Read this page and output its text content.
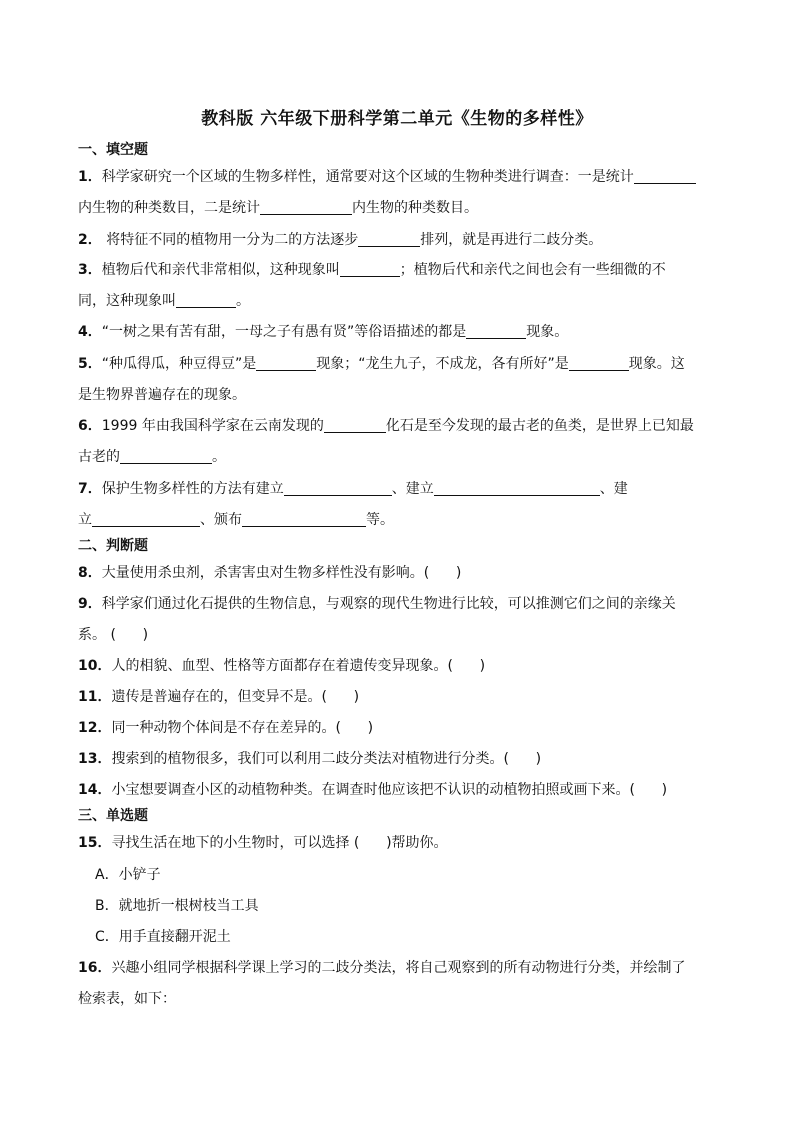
教科版 六年级下册科学第二单元《生物的多样性》
一、填空题
1．科学家研究一个区域的生物多样性，通常要对这个区域的生物种类进行调查：一是统计
内生物的种类数目，二是统计	内生物的种类数目。
2． 将特征不同的植物用一分为二的方法逐步	排列，就是再进行二歧分类。
3．植物后代和亲代非常相似，这种现象叫	；植物后代和亲代之间也会有一些细微的不
同，这种现象叫	。
4．“一树之果有苦有甜，一母之子有愚有贤”等俗语描述的都是	现象。
5．“种瓜得瓜，种豆得豆”是	现象；“龙生九子，不成龙，各有所好”是	现象。这
是生物界普遍存在的现象。
6．1999 年由我国科学家在云南发现的	化石是至今发现的最古老的鱼类，是世界上已知最
古老的	。
7．保护生物多样性的方法有建立	、建立	、建
立	、颁布	等。
二、判断题
8．大量使用杀虫剂，杀害害虫对生物多样性没有影响。(      )
9．科学家们通过化石提供的生物信息，与观察的现代生物进行比较，可以推测它们之间的亲缘关
系。 (      )
10．人的相貌、血型、性格等方面都存在着遗传变异现象。(      )
11．遗传是普遍存在的，但变异不是。(      )
12．同一种动物个体间是不存在差异的。(      )
13．搜索到的植物很多，我们可以利用二歧分类法对植物进行分类。(      )
14．小宝想要调查小区的动植物种类。在调查时他应该把不认识的动植物拍照或画下来。(      )
三、单选题
15．寻找生活在地下的小生物时，可以选择 (      )帮助你。
A．小铲子
B．就地折一根树枝当工具
C．用手直接翻开泥土
16．兴趣小组同学根据科学课上学习的二歧分类法，将自己观察到的所有动物进行分类，并绘制了
检索表，如下：
